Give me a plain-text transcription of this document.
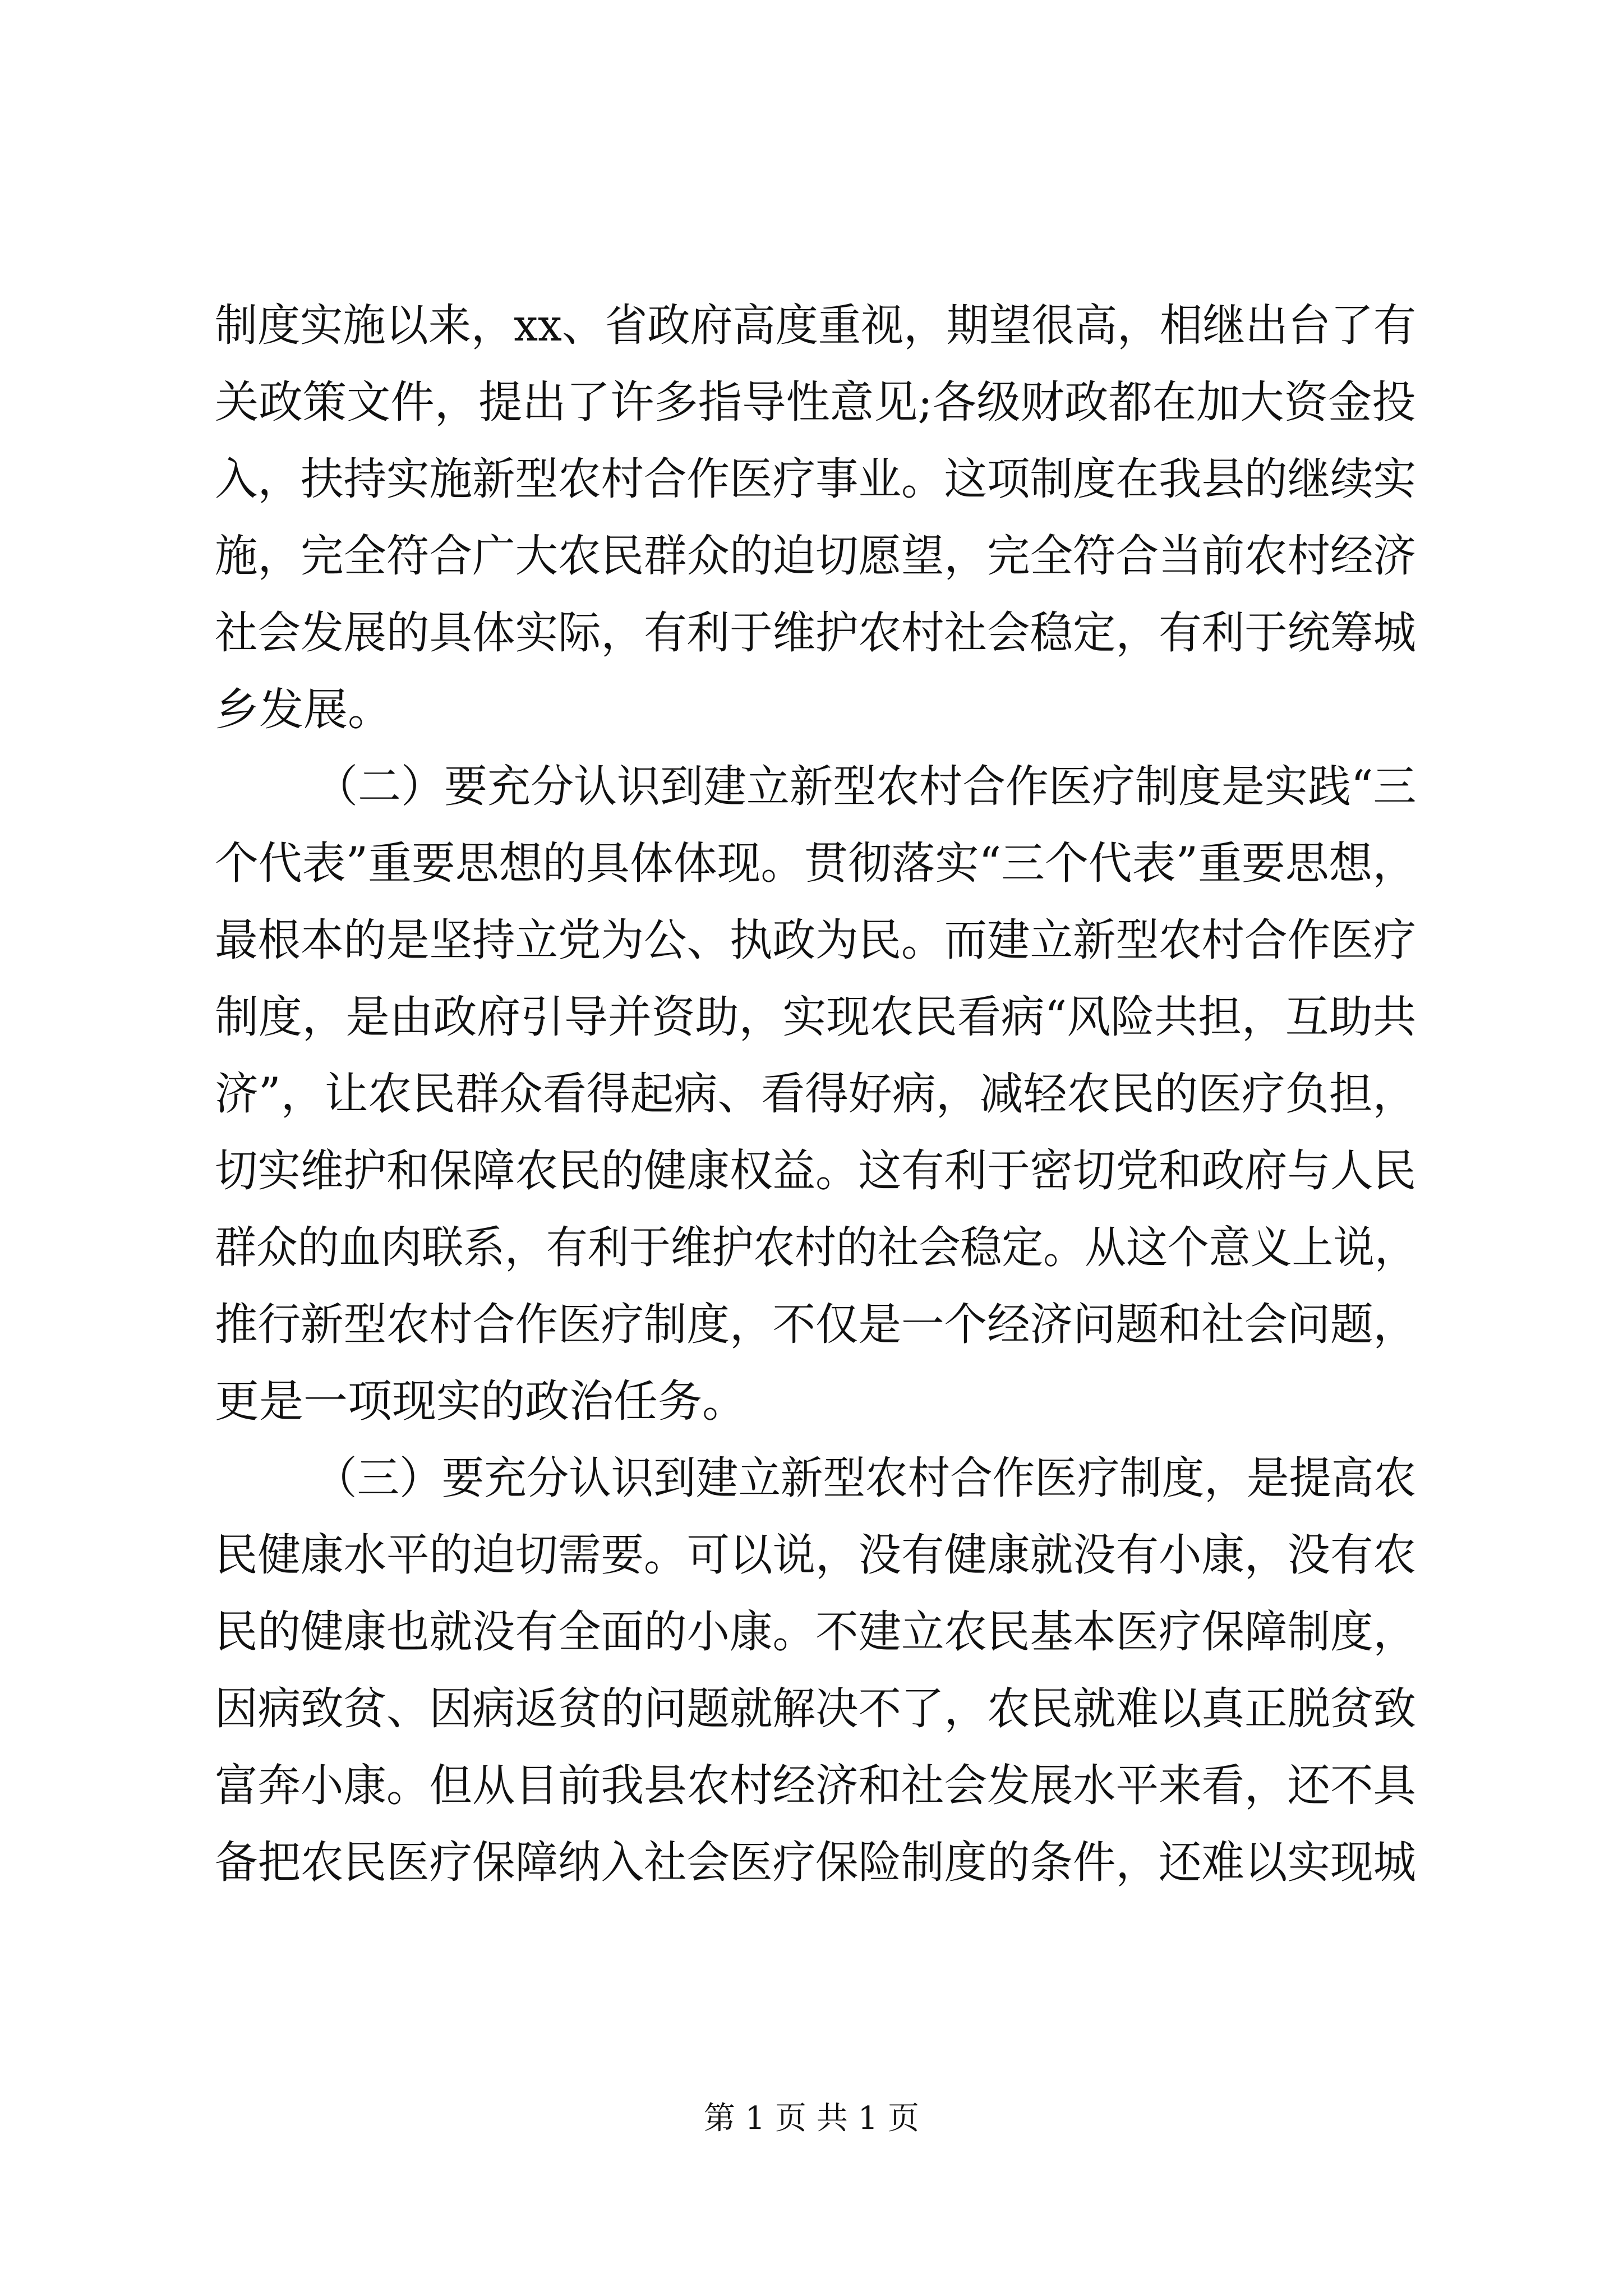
制度实施以来，xx、省政府高度重视，期望很高，相继出台了有
关政策文件，提出了许多指导性意见;各级财政都在加大资金投
入，扶持实施新型农村合作医疗事业。这项制度在我县的继续实
施，完全符合广大农民群众的迫切愿望，完全符合当前农村经济
社会发展的具体实际，有利于维护农村社会稳定，有利于统筹城
乡发展。
（二）要充分认识到建立新型农村合作医疗制度是实践“三
个代表”重要思想的具体体现。贯彻落实“三个代表”重要思想，
最根本的是坚持立党为公、执政为民。而建立新型农村合作医疗
制度，是由政府引导并资助，实现农民看病“风险共担，互助共
济”，让农民群众看得起病、看得好病，减轻农民的医疗负担，
切实维护和保障农民的健康权益。这有利于密切党和政府与人民
群众的血肉联系，有利于维护农村的社会稳定。从这个意义上说，
推行新型农村合作医疗制度，不仅是一个经济问题和社会问题，
更是一项现实的政治任务。
（三）要充分认识到建立新型农村合作医疗制度，是提高农
民健康水平的迫切需要。可以说，没有健康就没有小康，没有农
民的健康也就没有全面的小康。不建立农民基本医疗保障制度，
因病致贫、因病返贫的问题就解决不了，农民就难以真正脱贫致
富奔小康。但从目前我县农村经济和社会发展水平来看，还不具
备把农民医疗保障纳入社会医疗保险制度的条件，还难以实现城
第 1 页 共 1 页
